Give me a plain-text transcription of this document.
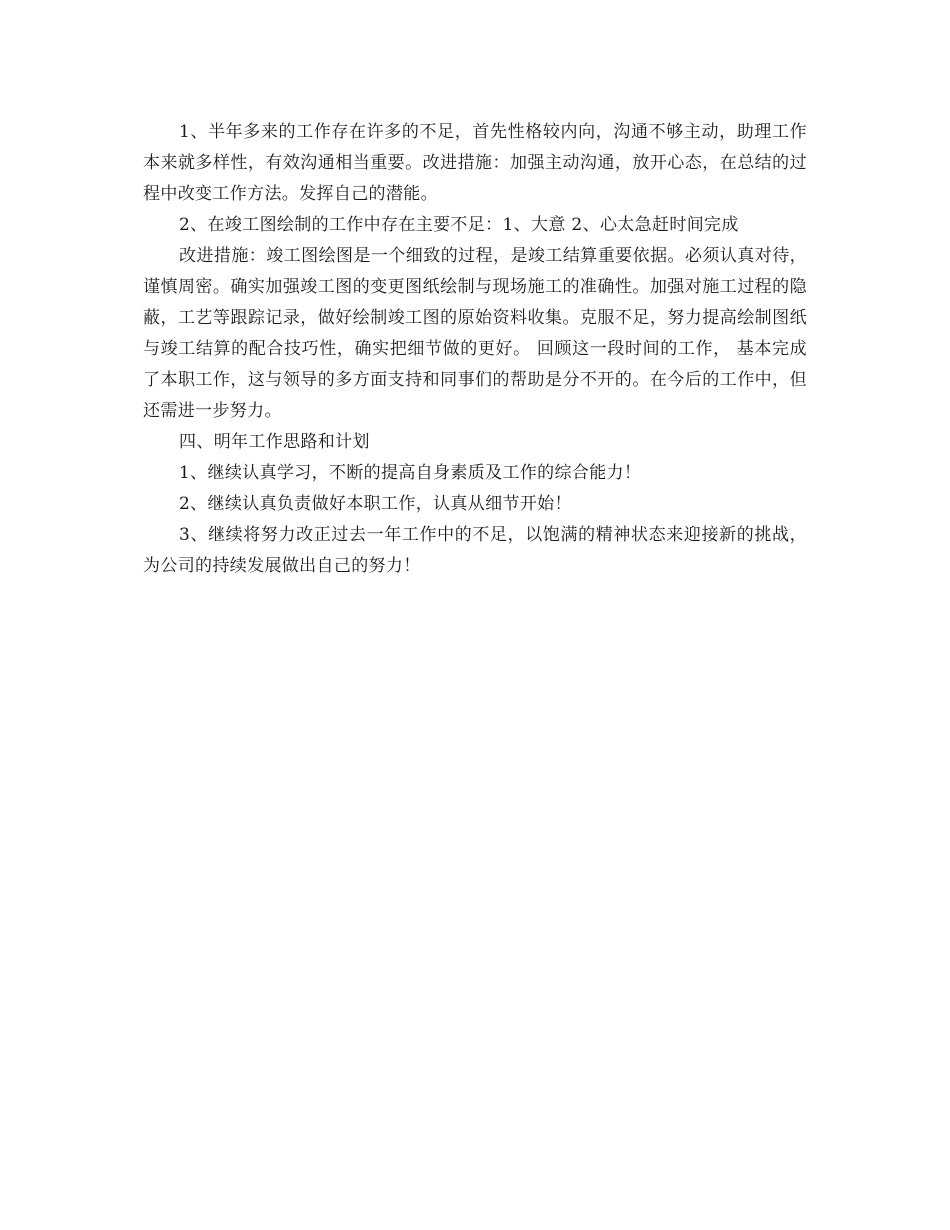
1、半年多来的工作存在许多的不足，首先性格较内向，沟通不够主动，助理工作本来就多样性，有效沟通相当重要。改进措施：加强主动沟通，放开心态，在总结的过程中改变工作方法。发挥自己的潜能。

2、在竣工图绘制的工作中存在主要不足：1、大意 2、心太急赶时间完成

改进措施：竣工图绘图是一个细致的过程，是竣工结算重要依据。必须认真对待，谨慎周密。确实加强竣工图的变更图纸绘制与现场施工的准确性。加强对施工过程的隐蔽，工艺等跟踪记录，做好绘制竣工图的原始资料收集。克服不足，努力提高绘制图纸与竣工结算的配合技巧性，确实把细节做的更好。 回顾这一段时间的工作， 基本完成了本职工作，这与领导的多方面支持和同事们的帮助是分不开的。在今后的工作中，但还需进一步努力。

四、明年工作思路和计划

1、继续认真学习，不断的提高自身素质及工作的综合能力！

2、继续认真负责做好本职工作，认真从细节开始！

3、继续将努力改正过去一年工作中的不足，以饱满的精神状态来迎接新的挑战，为公司的持续发展做出自己的努力！
